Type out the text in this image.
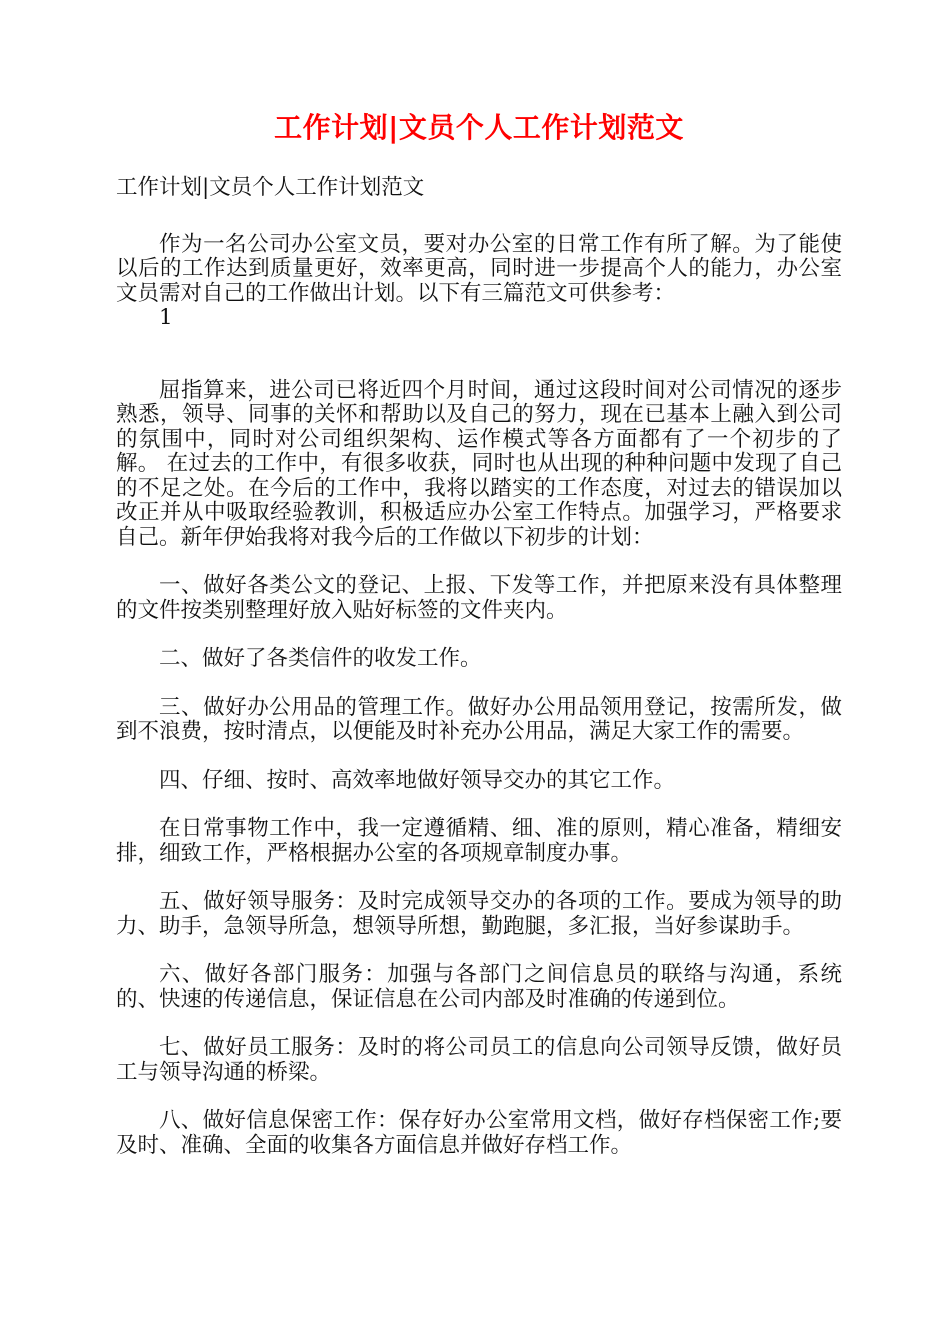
工作计划|文员个人工作计划范文

工作计划|文员个人工作计划范文

作为一名公司办公室文员，要对办公室的日常工作有所了解。为了能使以后的工作达到质量更好，效率更高，同时进一步提高个人的能力，办公室文员需对自己的工作做出计划。以下有三篇范文可供参考：

1

屈指算来，进公司已将近四个月时间，通过这段时间对公司情况的逐步熟悉，领导、同事的关怀和帮助以及自己的努力，现在已基本上融入到公司的氛围中，同时对公司组织架构、运作模式等各方面都有了一个初步的了解。 在过去的工作中，有很多收获，同时也从出现的种种问题中发现了自己的不足之处。在今后的工作中，我将以踏实的工作态度，对过去的错误加以改正并从中吸取经验教训，积极适应办公室工作特点。加强学习，严格要求自己。新年伊始我将对我今后的工作做以下初步的计划：

一、做好各类公文的登记、上报、下发等工作，并把原来没有具体整理的文件按类别整理好放入贴好标签的文件夹内。

二、做好了各类信件的收发工作。

三、做好办公用品的管理工作。做好办公用品领用登记，按需所发，做到不浪费，按时清点，以便能及时补充办公用品，满足大家工作的需要。

四、仔细、按时、高效率地做好领导交办的其它工作。

在日常事物工作中，我一定遵循精、细、准的原则，精心准备，精细安排，细致工作，严格根据办公室的各项规章制度办事。

五、做好领导服务：及时完成领导交办的各项的工作。要成为领导的助力、助手，急领导所急，想领导所想，勤跑腿，多汇报，当好参谋助手。

六、做好各部门服务：加强与各部门之间信息员的联络与沟通，系统的、快速的传递信息，保证信息在公司内部及时准确的传递到位。

七、做好员工服务：及时的将公司员工的信息向公司领导反馈，做好员工与领导沟通的桥梁。

八、做好信息保密工作：保存好办公室常用文档，做好存档保密工作;要及时、准确、全面的收集各方面信息并做好存档工作。
